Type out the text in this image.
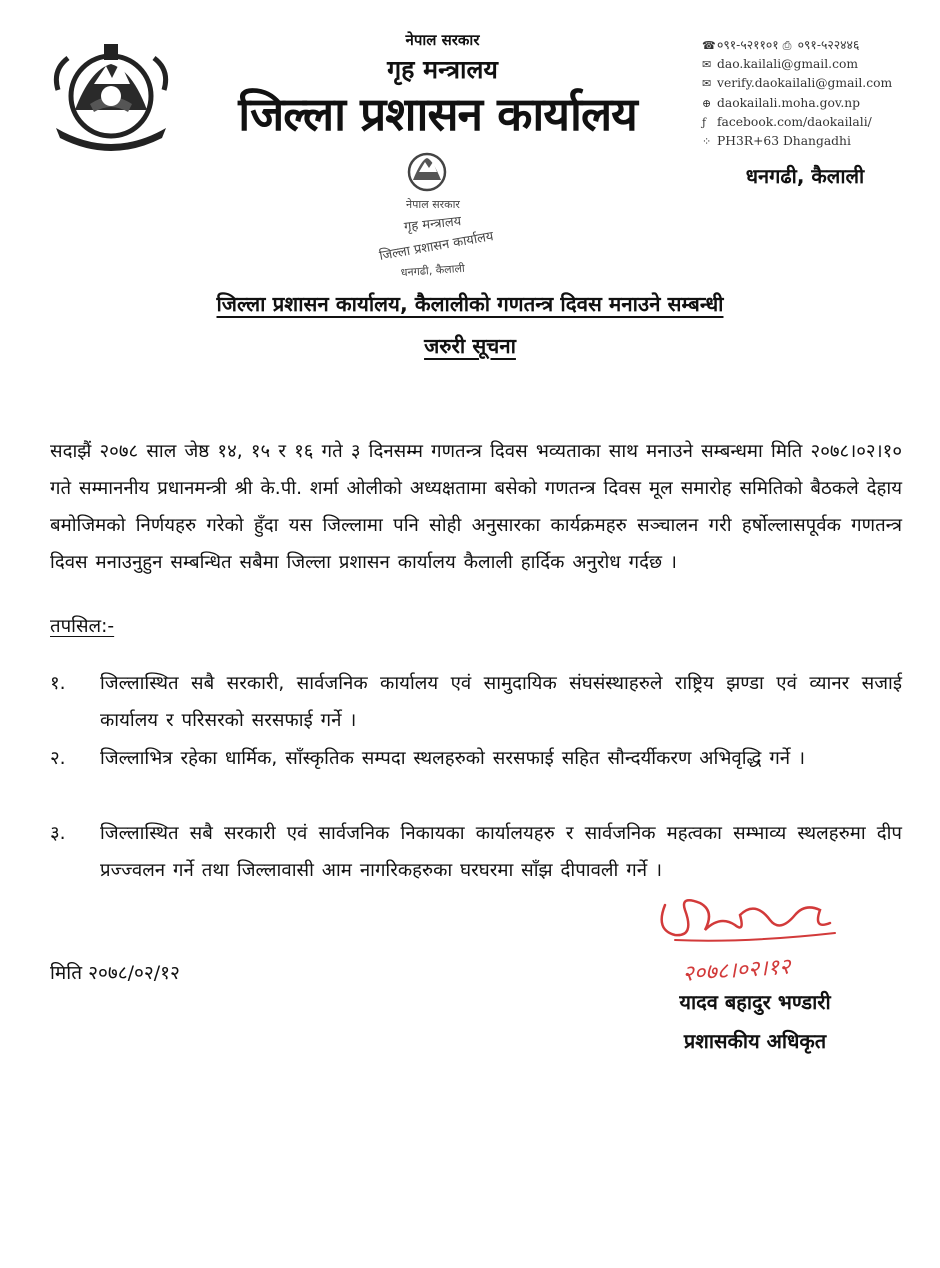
नेपाल सरकार
गृह मन्त्रालय
जिल्ला प्रशासन कार्यालय
☎०९१-५२११०१ ⎙ ०९१-५२२४४६
✉ dao.kailali@gmail.com
✉ verify.daokailali@gmail.com
⊕ daokailali.moha.gov.np
ƒ facebook.com/daokailali/
⁘ PH3R+63 Dhangadhi
धनगढी, कैलाली
नेपाल सरकार
गृह मन्त्रालय
जिल्ला प्रशासन कार्यालय
धनगढी, कैलाली
जिल्ला प्रशासन कार्यालय, कैलालीको गणतन्त्र दिवस मनाउने सम्बन्धी
जरुरी सूचना
सदाझैं २०७८ साल जेष्ठ १४, १५ र १६ गते ३ दिनसम्म गणतन्त्र दिवस भव्यताका साथ मनाउने सम्बन्धमा मिति २०७८।०२।१० गते सम्माननीय प्रधानमन्त्री श्री के.पी. शर्मा ओलीको अध्यक्षतामा बसेको गणतन्त्र दिवस मूल समारोह समितिको बैठकले देहाय बमोजिमको निर्णयहरु गरेको हुँदा यस जिल्लामा पनि सोही अनुसारका कार्यक्रमहरु सञ्चालन गरी हर्षोल्लासपूर्वक गणतन्त्र दिवस मनाउनुहुन सम्बन्धित सबैमा जिल्ला प्रशासन कार्यालय कैलाली हार्दिक अनुरोध गर्दछ ।
तपसिल:-
१.	जिल्लास्थित सबै सरकारी, सार्वजनिक कार्यालय एवं सामुदायिक संघसंस्थाहरुले राष्ट्रिय झण्डा एवं व्यानर सजाई कार्यालय र परिसरको सरसफाई गर्ने ।
२.	जिल्लाभित्र रहेका धार्मिक, साँस्कृतिक सम्पदा स्थलहरुको सरसफाई सहित सौन्दर्यीकरण अभिवृद्धि गर्ने ।
३.	जिल्लास्थित सबै सरकारी एवं सार्वजनिक निकायका कार्यालयहरु र सार्वजनिक महत्वका सम्भाव्य स्थलहरुमा दीप प्रज्ज्वलन गर्ने तथा जिल्लावासी आम नागरिकहरुका घरघरमा साँझ दीपावली गर्ने ।
मिति २०७८/०२/१२	२०७८।०२।१२
यादव बहादुर भण्डारी
प्रशासकीय अधिकृत
